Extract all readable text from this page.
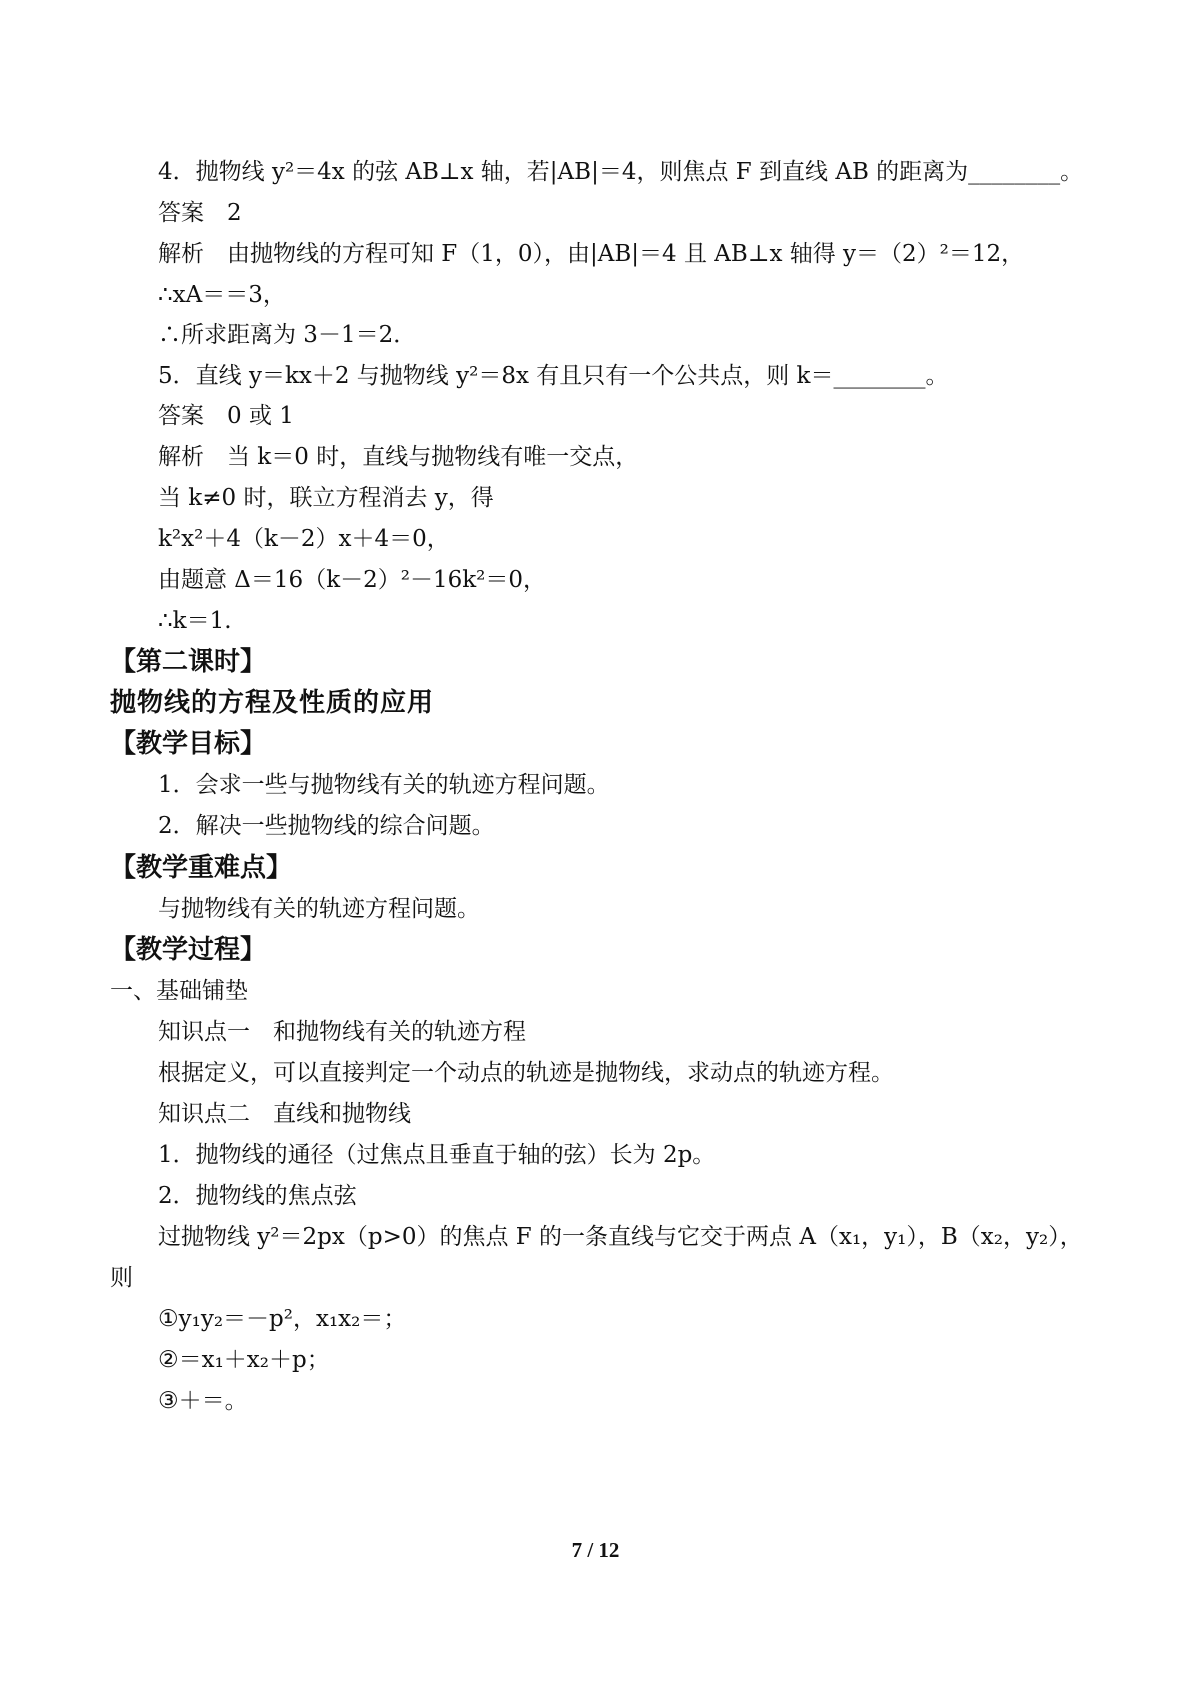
4．抛物线 y²＝4x 的弦 AB⊥x 轴，若|AB|＝4，则焦点 F 到直线 AB 的距离为________。
答案　2
解析　由抛物线的方程可知 F（1，0），由|AB|＝4 且 AB⊥x 轴得 y＝（2）²＝12，
∴xA＝＝3，
∴所求距离为 3－1＝2．
5．直线 y＝kx＋2 与抛物线 y²＝8x 有且只有一个公共点，则 k＝________。
答案　0 或 1
解析　当 k＝0 时，直线与抛物线有唯一交点，
当 k≠0 时，联立方程消去 y，得
k²x²＋4（k－2）x＋4＝0，
由题意 Δ＝16（k－2）²－16k²＝0，
∴k＝1.
【第二课时】
抛物线的方程及性质的应用
【教学目标】
1．会求一些与抛物线有关的轨迹方程问题。
2．解决一些抛物线的综合问题。
【教学重难点】
与抛物线有关的轨迹方程问题。
【教学过程】
一、基础铺垫
知识点一　和抛物线有关的轨迹方程
根据定义，可以直接判定一个动点的轨迹是抛物线，求动点的轨迹方程。
知识点二　直线和抛物线
1．抛物线的通径（过焦点且垂直于轴的弦）长为 2p。
2．抛物线的焦点弦
过抛物线 y²＝2px（p>0）的焦点 F 的一条直线与它交于两点 A（x₁，y₁），B（x₂，y₂），
则
①y₁y₂＝－p²，x₁x₂＝；
②＝x₁＋x₂＋p；
③＋＝。
7 / 12
